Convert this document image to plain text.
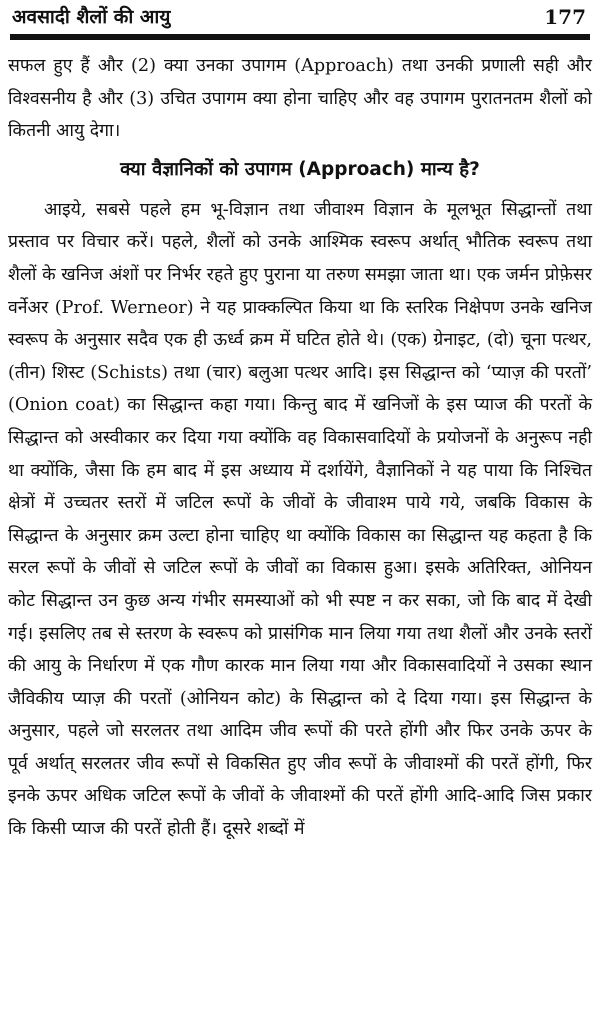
अवसादी शैलों की आयु	177

सफल हुए हैं और (2) क्या उनका उपागम (Approach) तथा उनकी प्रणाली सही और विश्वसनीय है और (3) उचित उपागम क्या होना चाहिए और वह उपागम पुरातनतम शैलों को कितनी आयु देगा।

क्या वैज्ञानिकों को उपागम (Approach) मान्य है?

आइये, सबसे पहले हम भू-विज्ञान तथा जीवाश्म विज्ञान के मूलभूत सिद्धान्तों तथा प्रस्ताव पर विचार करें। पहले, शैलों को उनके आश्मिक स्वरूप अर्थात् भौतिक स्वरूप तथा शैलों के खनिज अंशों पर निर्भर रहते हुए पुराना या तरुण समझा जाता था। एक जर्मन प्रोफ़ेसर वर्नेअर (Prof. Werneor) ने यह प्राक्कल्पित किया था कि स्तरिक निक्षेपण उनके खनिज स्वरूप के अनुसार सदैव एक ही ऊर्ध्व क्रम में घटित होते थे। (एक) ग्रेनाइट, (दो) चूना पत्थर, (तीन) शिस्ट (Schists) तथा (चार) बलुआ पत्थर आदि। इस सिद्धान्त को ‘प्याज़ की परतों’ (Onion coat) का सिद्धान्त कहा गया। किन्तु बाद में खनिजों के इस प्याज की परतों के सिद्धान्त को अस्वीकार कर दिया गया क्योंकि वह विकासवादियों के प्रयोजनों के अनुरूप नही था क्योंकि, जैसा कि हम बाद में इस अध्याय में दर्शायेंगे, वैज्ञानिकों ने यह पाया कि निश्चित क्षेत्रों में उच्चतर स्तरों में जटिल रूपों के जीवों के जीवाश्म पाये गये, जबकि विकास के सिद्धान्त के अनुसार क्रम उल्टा होना चाहिए था क्योंकि विकास का सिद्धान्त यह कहता है कि सरल रूपों के जीवों से जटिल रूपों के जीवों का विकास हुआ। इसके अतिरिक्त, ओनियन कोट सिद्धान्त उन कुछ अन्य गंभीर समस्याओं को भी स्पष्ट न कर सका, जो कि बाद में देखी गई। इसलिए तब से स्तरण के स्वरूप को प्रासंगिक मान लिया गया तथा शैलों और उनके स्तरों की आयु के निर्धारण में एक गौण कारक मान लिया गया और विकासवादियों ने उसका स्थान जैविकीय प्याज़ की परतों (ओनियन कोट) के सिद्धान्त को दे दिया गया। इस सिद्धान्त के अनुसार, पहले जो सरलतर तथा आदिम जीव रूपों की परते होंगी और फिर उनके ऊपर के पूर्व अर्थात् सरलतर जीव रूपों से विकसित हुए जीव रूपों के जीवाश्मों की परतें होंगी, फिर इनके ऊपर अधिक जटिल रूपों के जीवों के जीवाश्मों की परतें होंगी आदि-आदि जिस प्रकार कि किसी प्याज की परतें होती हैं। दूसरे शब्दों में
